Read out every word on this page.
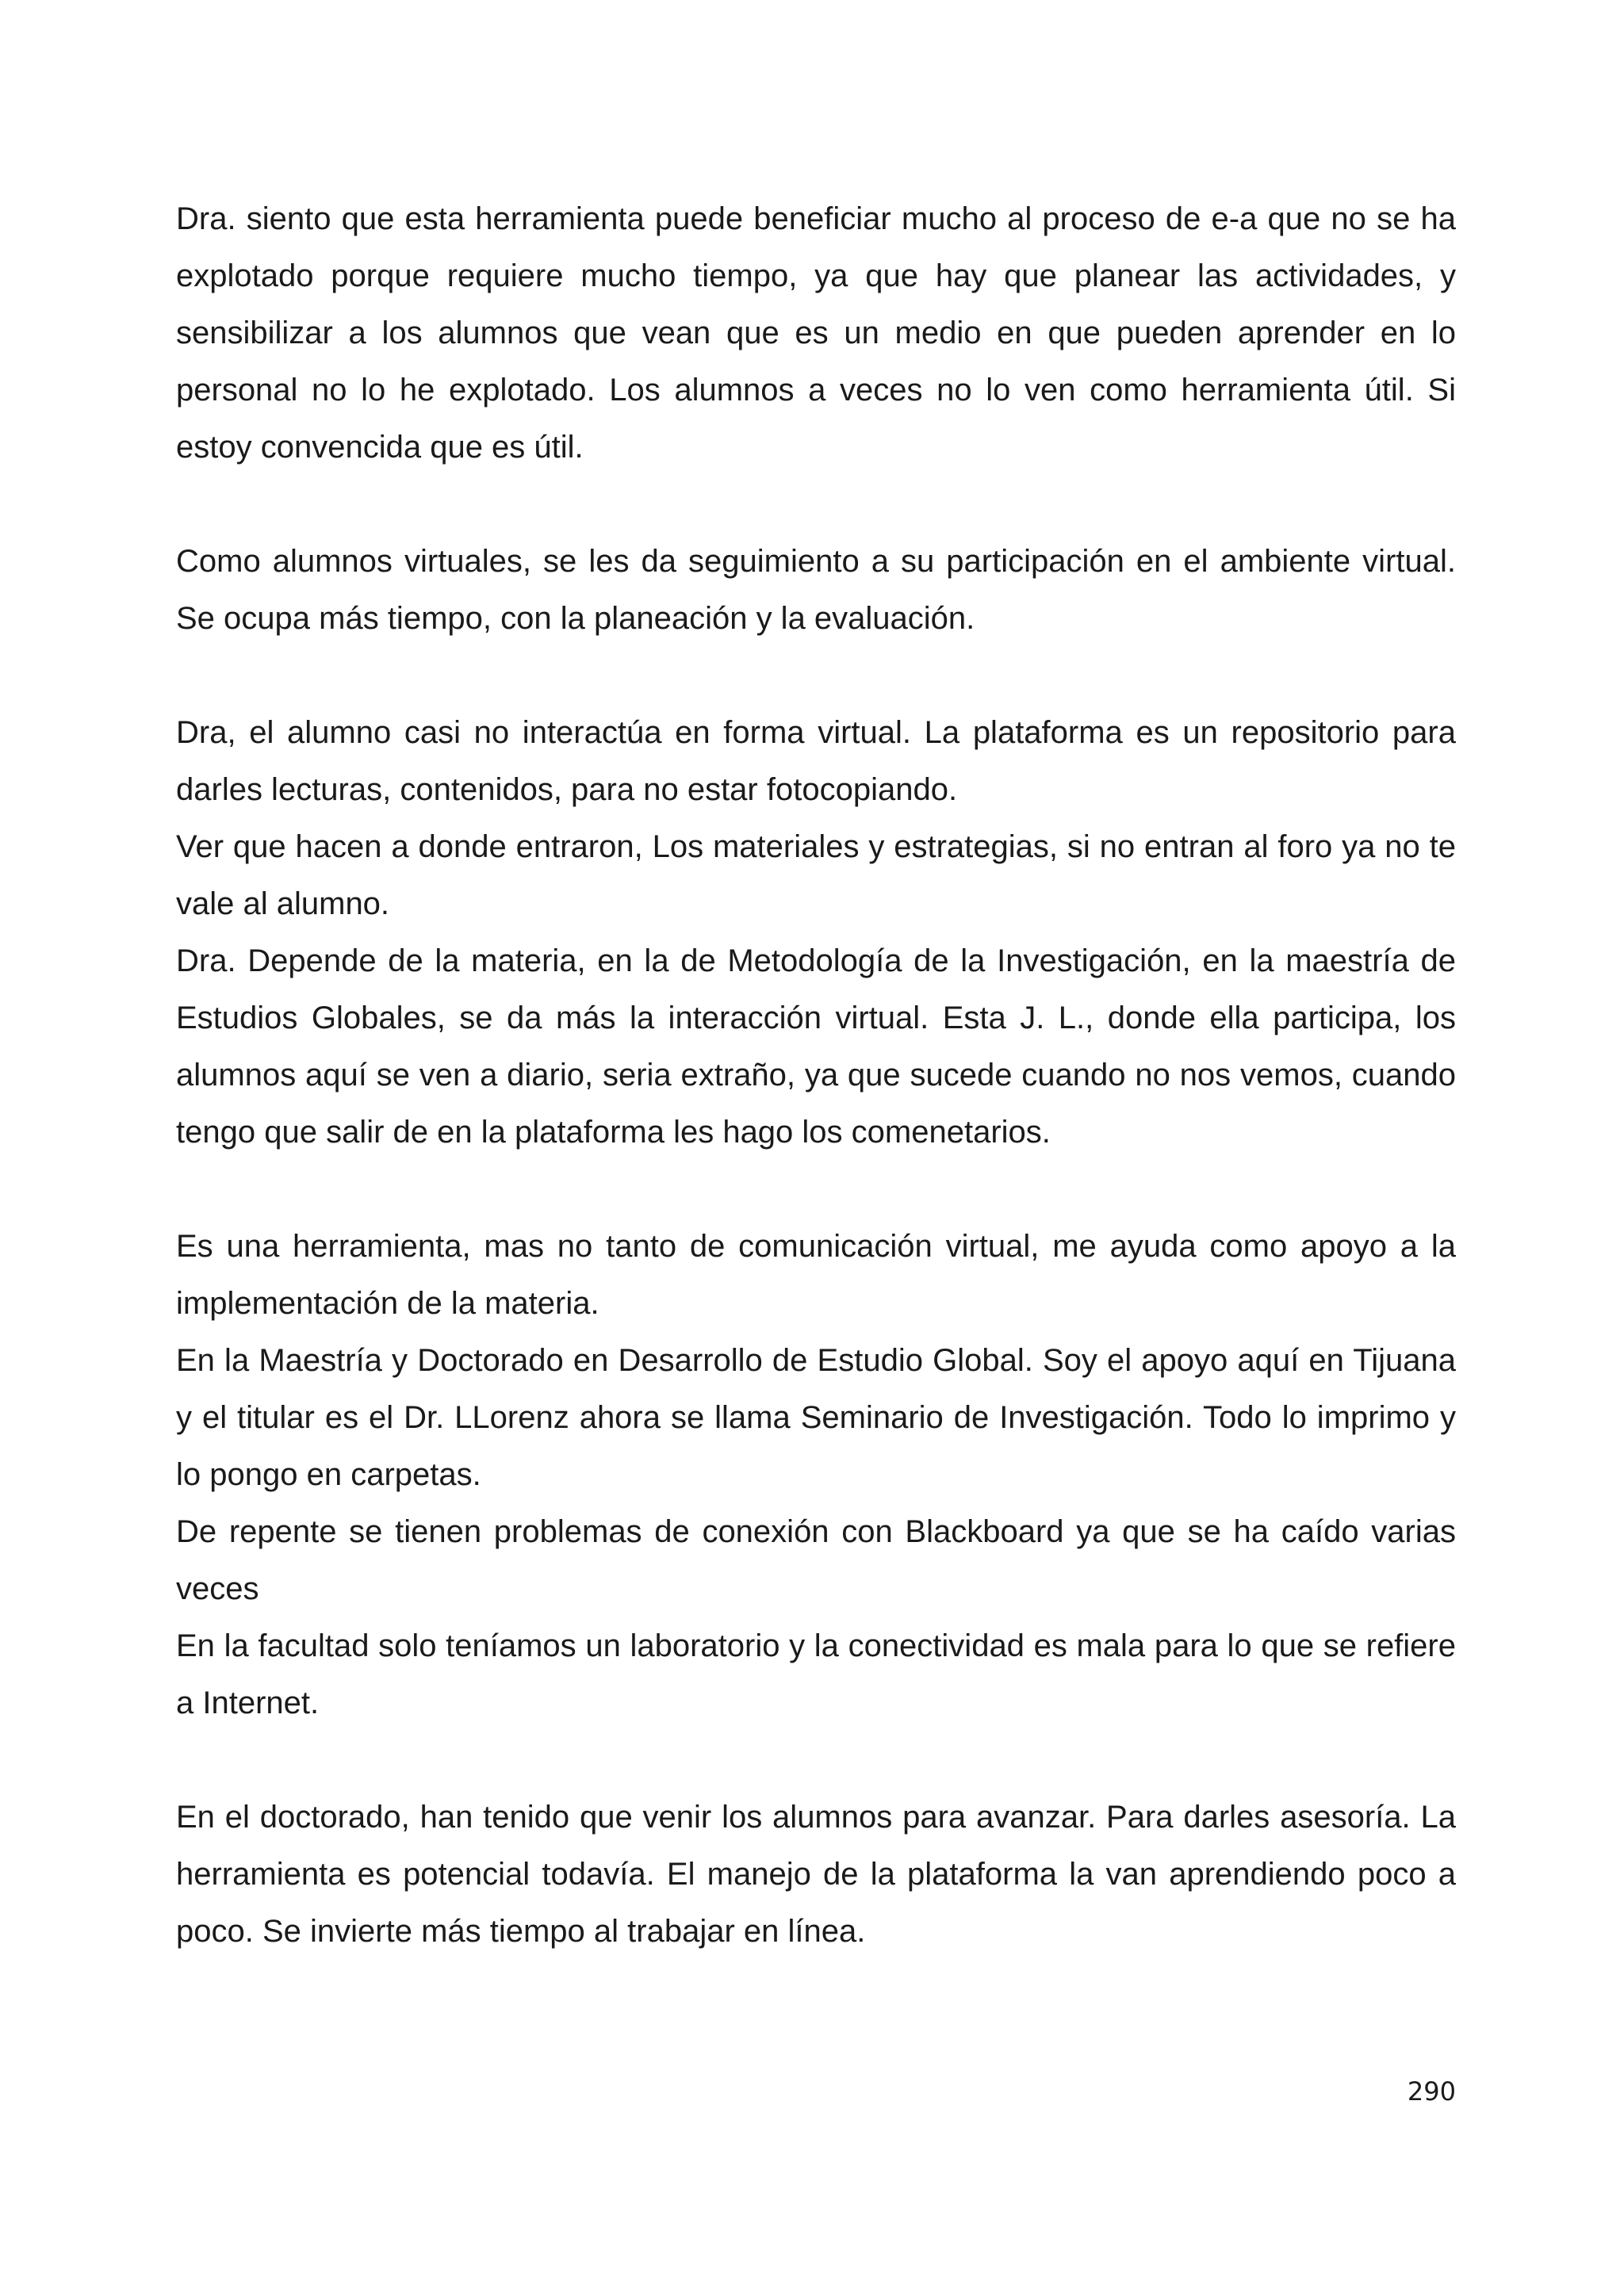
Dra. siento que esta herramienta puede beneficiar mucho al proceso de e-a que no se ha explotado porque requiere mucho tiempo, ya que hay que planear las actividades, y sensibilizar a los alumnos que vean que es un medio en que pueden aprender en lo personal no lo he explotado. Los alumnos a veces no lo ven como herramienta útil. Si estoy convencida que es útil.

Como alumnos virtuales, se les da seguimiento a su participación en el ambiente virtual. Se ocupa más tiempo, con la planeación y la evaluación.

Dra, el alumno casi no interactúa en forma virtual. La plataforma es un repositorio para darles lecturas, contenidos, para no estar fotocopiando.

Ver que hacen a donde entraron, Los materiales y estrategias, si no entran al foro ya no te vale al alumno.

Dra. Depende de la materia, en la de Metodología de la Investigación, en la maestría de Estudios Globales, se da más la interacción virtual. Esta J. L., donde ella participa, los alumnos aquí se ven a diario, seria extraño, ya que sucede cuando no nos vemos, cuando tengo que salir de en la plataforma les hago los comenetarios.

Es una herramienta, mas no tanto de comunicación virtual, me ayuda como apoyo a la implementación de la materia.

En la Maestría y Doctorado en Desarrollo de Estudio Global. Soy el apoyo aquí en Tijuana y el titular es el Dr. LLorenz ahora se llama Seminario de Investigación. Todo lo imprimo y lo pongo en carpetas.

De repente se tienen problemas de conexión con Blackboard ya que se ha caído varias veces

En la facultad solo teníamos un laboratorio y la conectividad es mala para lo que se refiere a Internet.

En el doctorado, han tenido que venir los alumnos para avanzar. Para darles asesoría. La herramienta es potencial todavía. El manejo de la plataforma la van aprendiendo poco a poco. Se invierte más tiempo al trabajar en línea.

290
